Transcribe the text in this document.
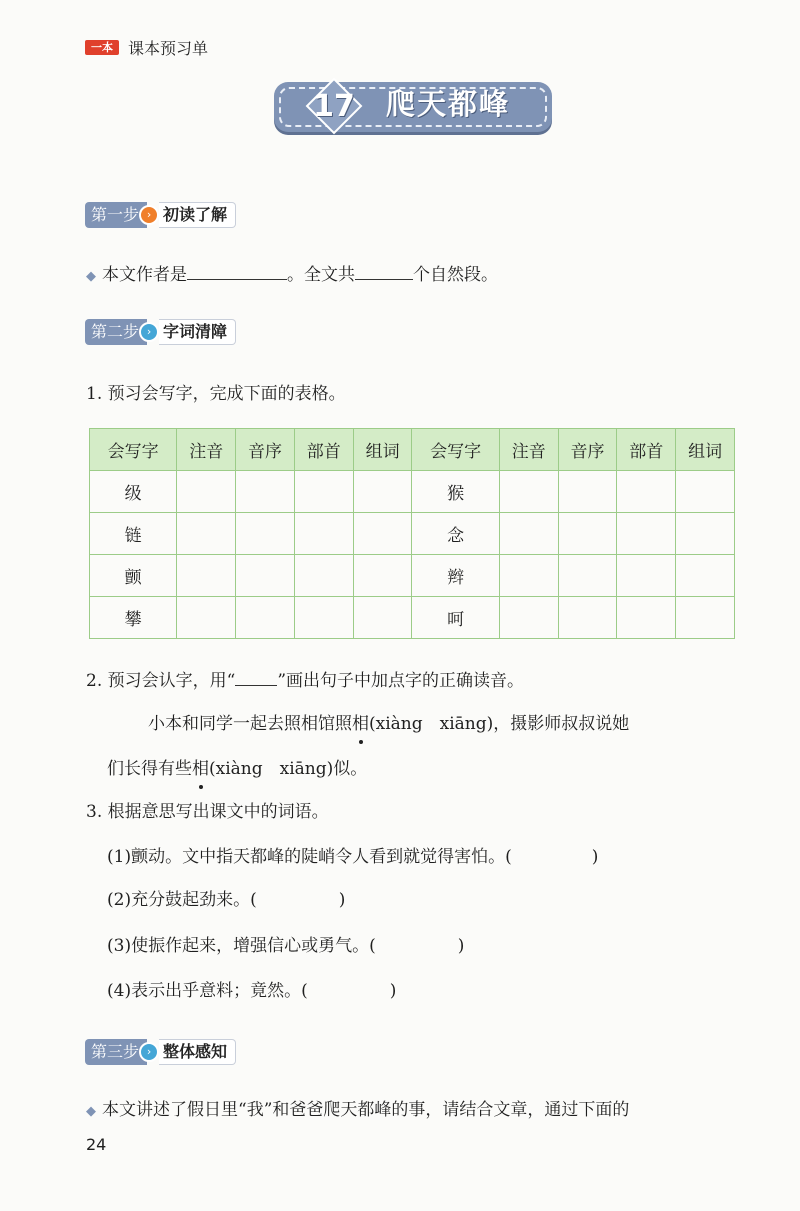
一本 课本预习单
17	爬天都峰
第一步 › 初读了解
◆ 本文作者是	。全文共	个自然段。
第二步 › 字词清障
1. 预习会写字，完成下面的表格。
会写字	注音	音序	部首	组词	会写字	注音	音序	部首	组词
级					猴				
链					念				
颤					辫				
攀					呵				
2. 预习会认字，用“ ”画出句子中加点字的正确读音。
小本和同学一起去照相馆照相(xiàng　xiāng)，摄影师叔叔说她
们长得有些相(xiàng　xiāng)似。
3. 根据意思写出课文中的词语。
(1)颤动。文中指天都峰的陡峭令人看到就觉得害怕。(	)
(2)充分鼓起劲来。(	)
(3)使振作起来，增强信心或勇气。(	)
(4)表示出乎意料；竟然。(	)
第三步 › 整体感知
◆ 本文讲述了假日里“我”和爸爸爬天都峰的事，请结合文章，通过下面的
24
